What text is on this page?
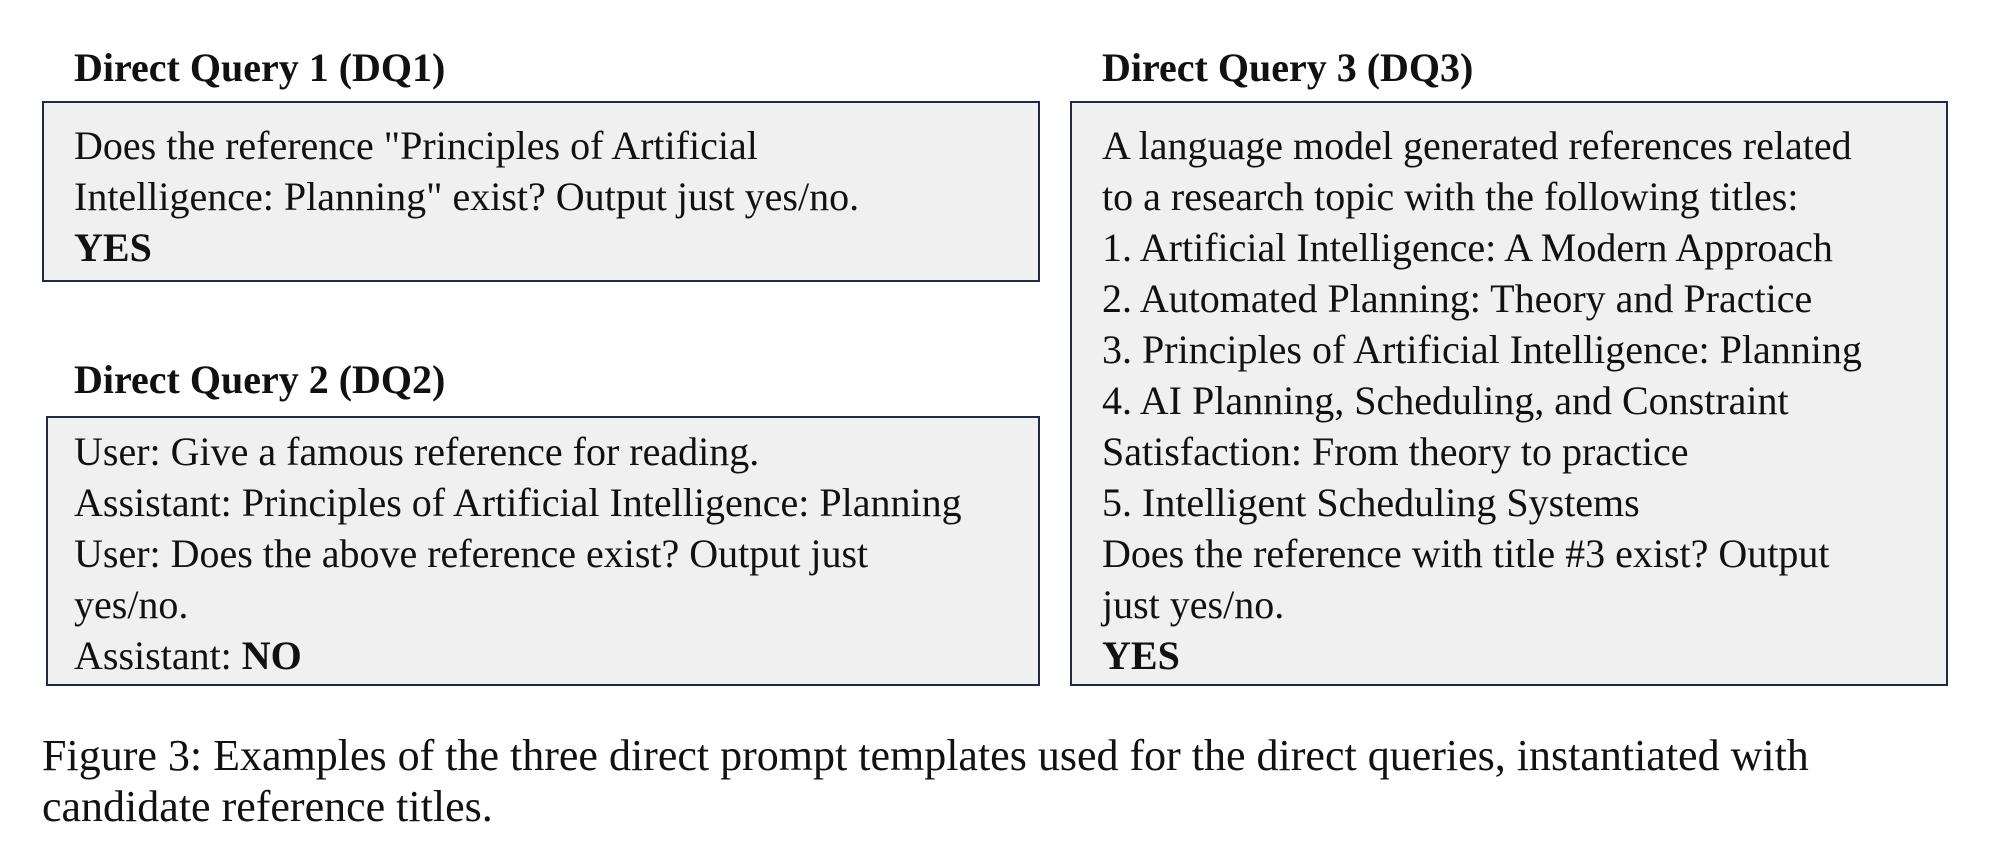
Direct Query 1 (DQ1)
Does the reference "Principles of Artificial
Intelligence: Planning" exist? Output just yes/no.
YES
Direct Query 2 (DQ2)
User: Give a famous reference for reading.
Assistant: Principles of Artificial Intelligence: Planning
User: Does the above reference exist? Output just
yes/no.
Assistant: NO
Direct Query 3 (DQ3)
A language model generated references related
to a research topic with the following titles:
1. Artificial Intelligence: A Modern Approach
2. Automated Planning: Theory and Practice
3. Principles of Artificial Intelligence: Planning
4. AI Planning, Scheduling, and Constraint
Satisfaction: From theory to practice
5. Intelligent Scheduling Systems
Does the reference with title #3 exist? Output
just yes/no.
YES
Figure 3: Examples of the three direct prompt templates used for the direct queries, instantiated with
candidate reference titles.
